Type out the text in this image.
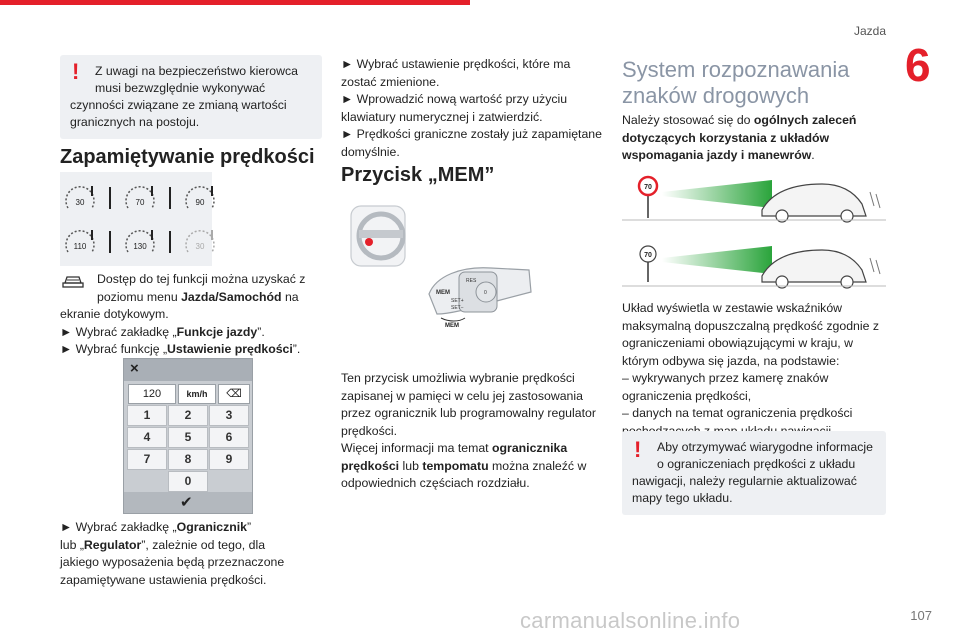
Jazda
6
!	Z uwagi na bezpieczeństwo kierowca
musi bezwzględnie wykonywać
czynności związane ze zmianą wartości granicznych na postoju.
Zapamiętywanie prędkości
30	70	90
110	130	30
Dostęp do tej funkcji można uzyskać z
poziomu menu Jazda/Samochód na
ekranie dotykowym.
► Wybrać zakładkę „Funkcje jazdy”.
► Wybrać funkcję „Ustawienie prędkości”.
×
120	km/h	⌫
1	2	3
4	5	6
7	8	9
0
✔
► Wybrać zakładkę „Ogranicznik”
lub „Regulator”, zależnie od tego, dla
jakiego wyposażenia będą przeznaczone
zapamiętywane ustawienia prędkości.
► Wybrać ustawienie prędkości, które ma zostać zmienione.
► Wprowadzić nową wartość przy użyciu klawiatury numerycznej i zatwierdzić.
► Prędkości graniczne zostały już zapamiętane domyślnie.
Przycisk „MEM”
MEM
SET+
SET−
RES
0
MEM
Ten przycisk umożliwia wybranie prędkości zapisanej w pamięci w celu jej zastosowania przez ogranicznik lub programowalny regulator prędkości.
Więcej informacji ma temat ogranicznika prędkości lub tempomatu można znaleźć w odpowiednich częściach rozdziału.
System rozpoznawania
znaków drogowych
Należy stosować się do ogólnych zaleceń dotyczących korzystania z układów wspomagania jazdy i manewrów.
70
70
Układ wyświetla w zestawie wskaźników maksymalną dopuszczalną prędkość zgodnie z ograniczeniami obowiązującymi w kraju, w którym odbywa się jazda, na podstawie:
– wykrywanych przez kamerę znaków ograniczenia prędkości,
– danych na temat ograniczenia prędkości
!	Aby otrzymywać wiarygodne informacje
o ograniczeniach prędkości z układu
nawigacji, należy regularnie aktualizować mapy tego układu.
carmanualsonline.info	107
